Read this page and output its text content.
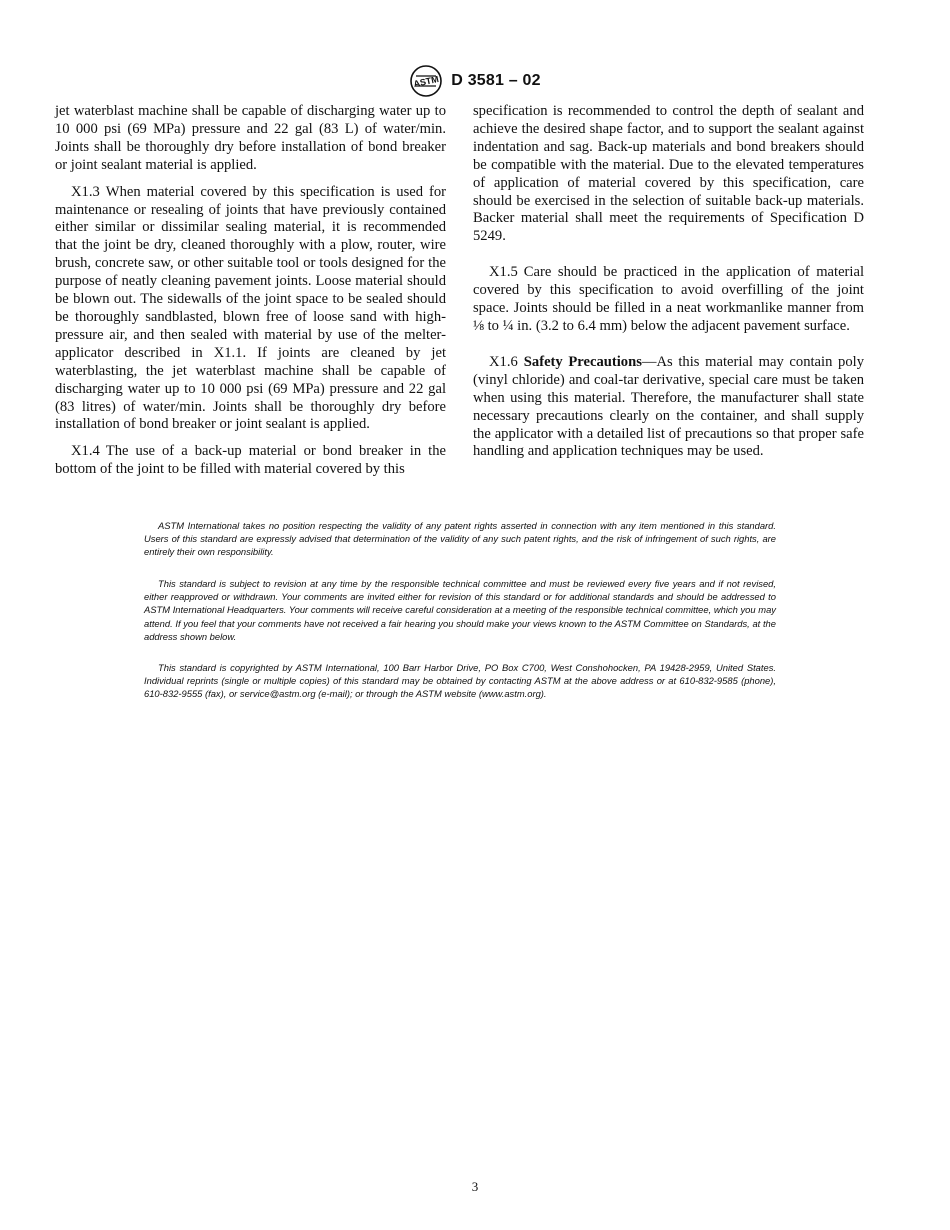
ASTM D 3581 – 02

jet waterblast machine shall be capable of discharging water up to 10 000 psi (69 MPa) pressure and 22 gal (83 L) of water/min. Joints shall be thoroughly dry before installation of bond breaker or joint sealant material is applied.

X1.3 When material covered by this specification is used for maintenance or resealing of joints that have previously contained either similar or dissimilar sealing material, it is recommended that the joint be dry, cleaned thoroughly with a plow, router, wire brush, concrete saw, or other suitable tool or tools designed for the purpose of neatly cleaning pavement joints. Loose material should be blown out. The sidewalls of the joint space to be sealed should be thoroughly sandblasted, blown free of loose sand with high-pressure air, and then sealed with material by use of the melter-applicator described in X1.1. If joints are cleaned by jet waterblasting, the jet waterblast machine shall be capable of discharging water up to 10 000 psi (69 MPa) pressure and 22 gal (83 litres) of water/min. Joints shall be thoroughly dry before installation of bond breaker or joint sealant is applied.

X1.4 The use of a back-up material or bond breaker in the bottom of the joint to be filled with material covered by this

specification is recommended to control the depth of sealant and achieve the desired shape factor, and to support the sealant against indentation and sag. Back-up materials and bond breakers should be compatible with the material. Due to the elevated temperatures of application of material covered by this specification, care should be exercised in the selection of suitable back-up materials. Backer material shall meet the requirements of Specification D 5249.

X1.5 Care should be practiced in the application of material covered by this specification to avoid overfilling of the joint space. Joints should be filled in a neat workmanlike manner from ⅛ to ¼ in. (3.2 to 6.4 mm) below the adjacent pavement surface.

X1.6 Safety Precautions—As this material may contain poly (vinyl chloride) and coal-tar derivative, special care must be taken when using this material. Therefore, the manufacturer shall state necessary precautions clearly on the container, and shall supply the applicator with a detailed list of precautions so that proper safe handling and application techniques may be used.

ASTM International takes no position respecting the validity of any patent rights asserted in connection with any item mentioned in this standard. Users of this standard are expressly advised that determination of the validity of any such patent rights, and the risk of infringement of such rights, are entirely their own responsibility.

This standard is subject to revision at any time by the responsible technical committee and must be reviewed every five years and if not revised, either reapproved or withdrawn. Your comments are invited either for revision of this standard or for additional standards and should be addressed to ASTM International Headquarters. Your comments will receive careful consideration at a meeting of the responsible technical committee, which you may attend. If you feel that your comments have not received a fair hearing you should make your views known to the ASTM Committee on Standards, at the address shown below.

This standard is copyrighted by ASTM International, 100 Barr Harbor Drive, PO Box C700, West Conshohocken, PA 19428-2959, United States. Individual reprints (single or multiple copies) of this standard may be obtained by contacting ASTM at the above address or at 610-832-9585 (phone), 610-832-9555 (fax), or service@astm.org (e-mail); or through the ASTM website (www.astm.org).

3
